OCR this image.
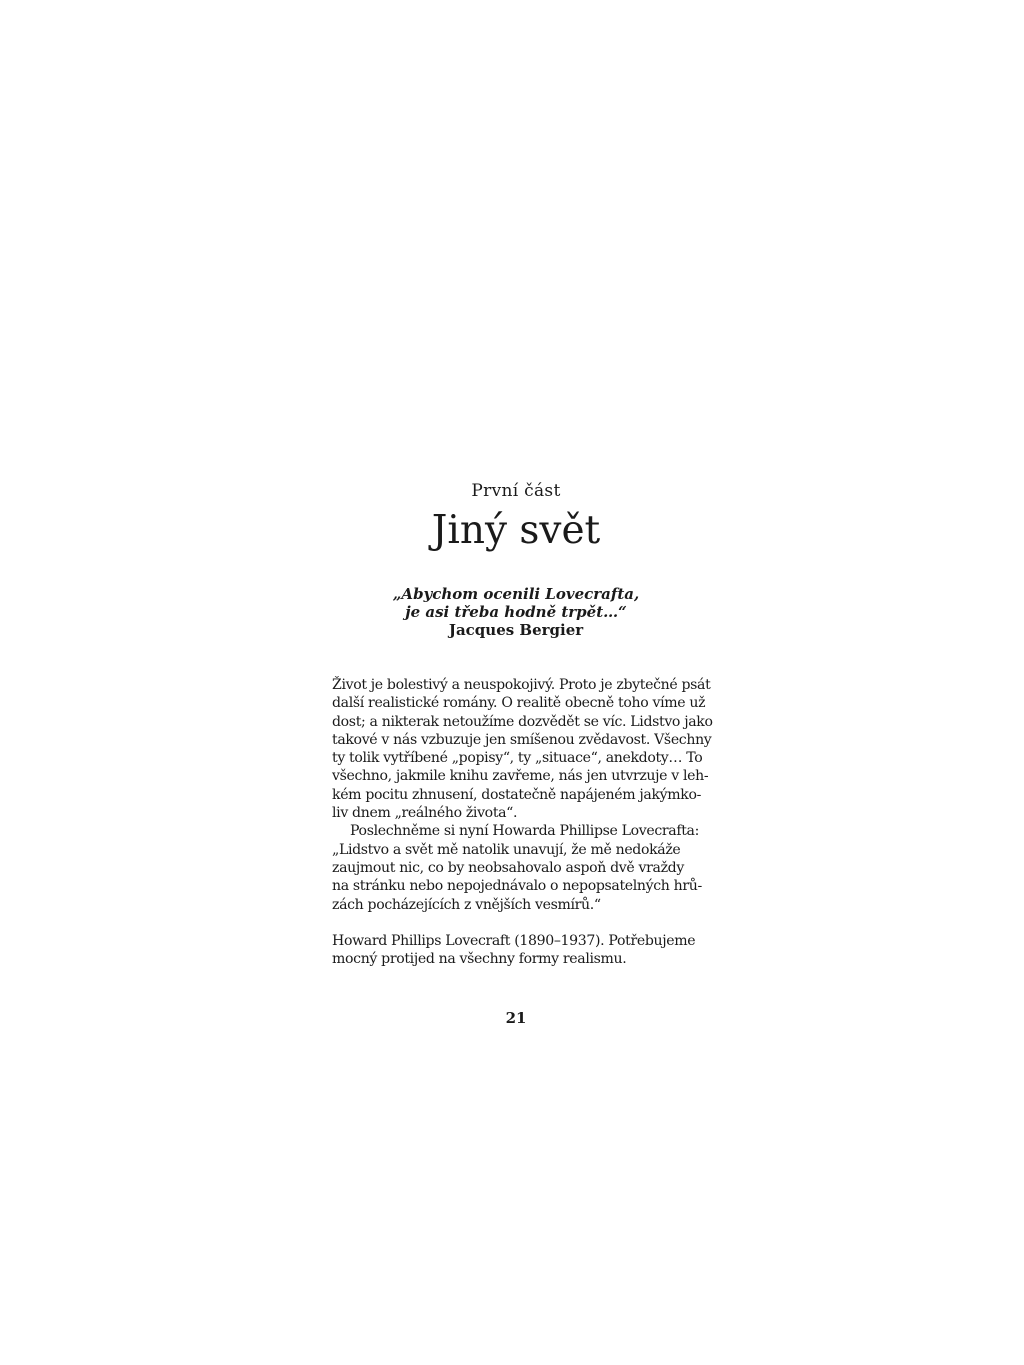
První část
Jiný svět
„Abychom ocenili Lovecrafta,
je asi třeba hodně trpět…“
Jacques Bergier
Život je bolestivý a neuspokojivý. Proto je zbytečné psát
další realistické romány. O realitě obecně toho víme už
dost; a nikterak netoužíme dozvědět se víc. Lidstvo jako
takové v nás vzbuzuje jen smíšenou zvědavost. Všechny
ty tolik vytříbené „popisy“, ty „situace“, anekdoty… To
všechno, jakmile knihu zavřeme, nás jen utvrzuje v leh-
kém pocitu zhnusení, dostatečně napájeném jakýmko-
liv dnem „reálného života“.
Poslechněme si nyní Howarda Phillipse Lovecrafta:
„Lidstvo a svět mě natolik unavují, že mě nedokáže
zaujmout nic, co by neobsahovalo aspoň dvě vraždy
na stránku nebo nepojednávalo o nepopsatelných hrů-
zách pocházejících z vnějších vesmírů.“
Howard Phillips Lovecraft (1890–1937). Potřebujeme
mocný protijed na všechny formy realismu.
21
